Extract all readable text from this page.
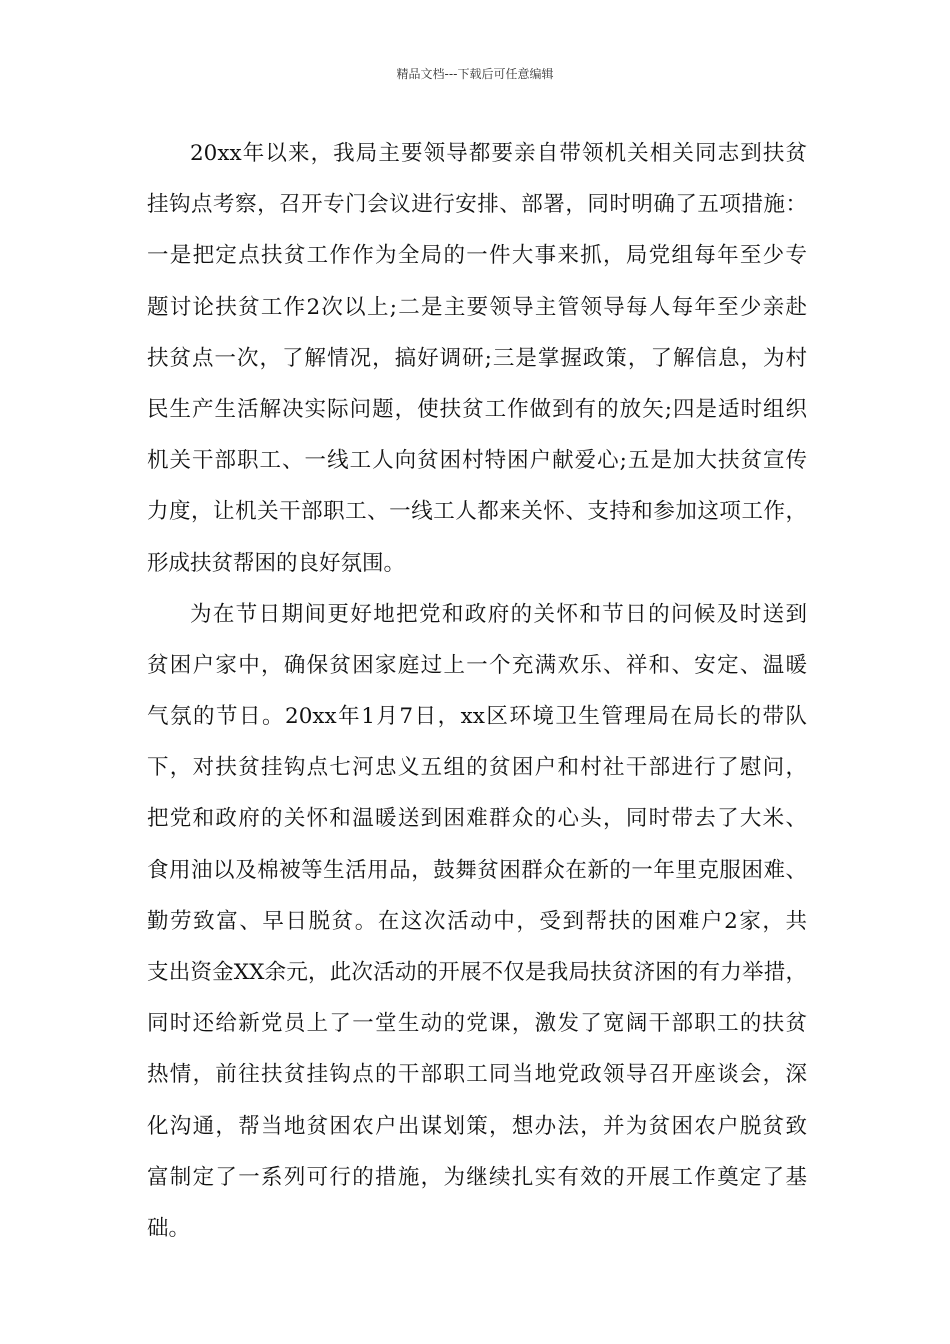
精品文档---下载后可任意编辑
20xx年以来，我局主要领导都要亲自带领机关相关同志到扶贫
挂钩点考察，召开专门会议进行安排、部署，同时明确了五项措施：
一是把定点扶贫工作作为全局的一件大事来抓，局党组每年至少专
题讨论扶贫工作2次以上;二是主要领导主管领导每人每年至少亲赴
扶贫点一次，了解情况，搞好调研;三是掌握政策，了解信息，为村
民生产生活解决实际问题，使扶贫工作做到有的放矢;四是适时组织
机关干部职工、一线工人向贫困村特困户献爱心;五是加大扶贫宣传
力度，让机关干部职工、一线工人都来关怀、支持和参加这项工作，
形成扶贫帮困的良好氛围。
为在节日期间更好地把党和政府的关怀和节日的问候及时送到
贫困户家中，确保贫困家庭过上一个充满欢乐、祥和、安定、温暖
气氛的节日。20xx年1月7日，xx区环境卫生管理局在局长的带队
下，对扶贫挂钩点七河忠义五组的贫困户和村社干部进行了慰问，
把党和政府的关怀和温暖送到困难群众的心头，同时带去了大米、
食用油以及棉被等生活用品，鼓舞贫困群众在新的一年里克服困难、
勤劳致富、早日脱贫。在这次活动中，受到帮扶的困难户2家，共
支出资金XX余元，此次活动的开展不仅是我局扶贫济困的有力举措，
同时还给新党员上了一堂生动的党课，激发了宽阔干部职工的扶贫
热情，前往扶贫挂钩点的干部职工同当地党政领导召开座谈会，深
化沟通，帮当地贫困农户出谋划策，想办法，并为贫困农户脱贫致
富制定了一系列可行的措施，为继续扎实有效的开展工作奠定了基
础。
